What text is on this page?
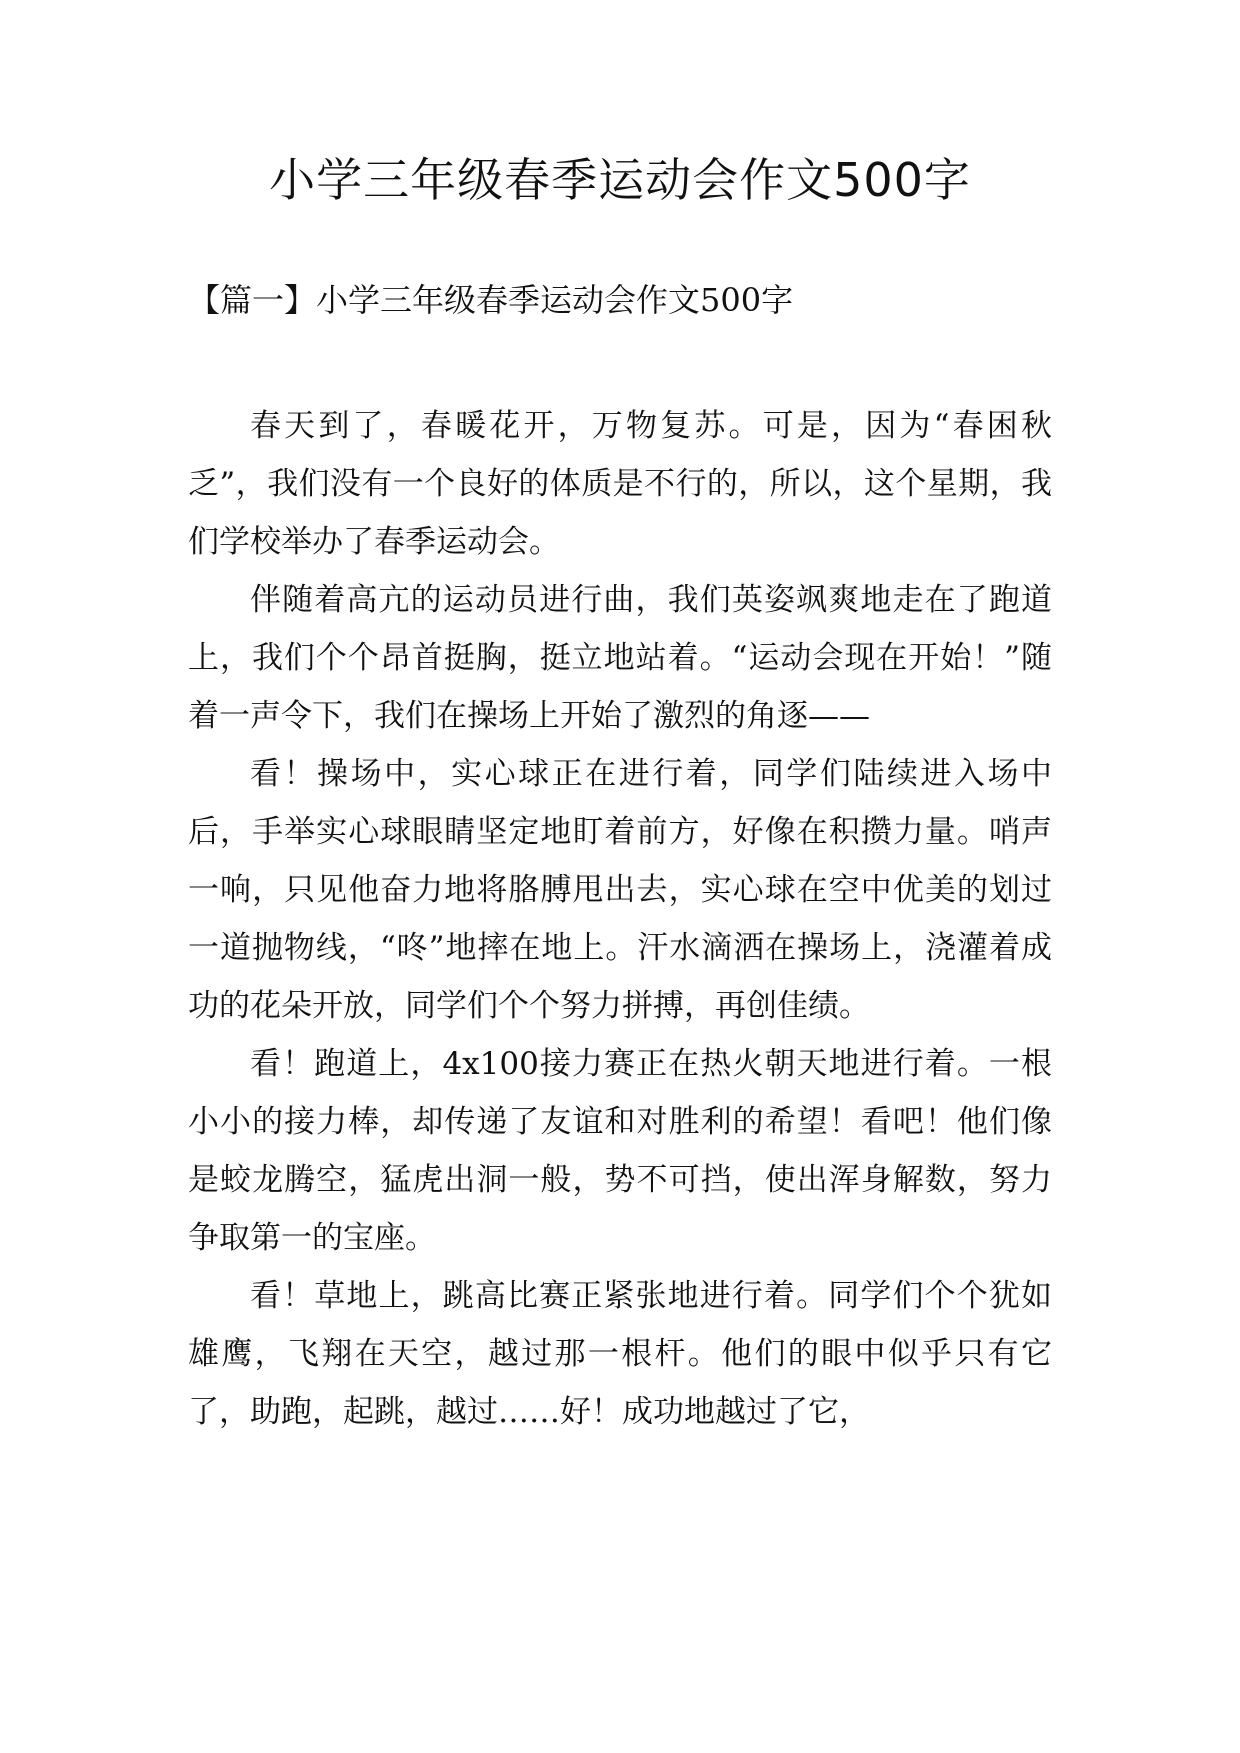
小学三年级春季运动会作文500字
【篇一】小学三年级春季运动会作文500字

春天到了，春暖花开，万物复苏。可是，因为“春困秋乏”，我们没有一个良好的体质是不行的，所以，这个星期，我们学校举办了春季运动会。

伴随着高亢的运动员进行曲，我们英姿飒爽地走在了跑道上，我们个个昂首挺胸，挺立地站着。“运动会现在开始！”随着一声令下，我们在操场上开始了激烈的角逐——

看！操场中，实心球正在进行着，同学们陆续进入场中后，手举实心球眼睛坚定地盯着前方，好像在积攒力量。哨声一响，只见他奋力地将胳膊甩出去，实心球在空中优美的划过一道抛物线，“咚”地摔在地上。汗水滴洒在操场上，浇灌着成功的花朵开放，同学们个个努力拼搏，再创佳绩。

看！跑道上，4x100接力赛正在热火朝天地进行着。一根小小的接力棒，却传递了友谊和对胜利的希望！看吧！他们像是蛟龙腾空，猛虎出洞一般，势不可挡，使出浑身解数，努力争取第一的宝座。

看！草地上，跳高比赛正紧张地进行着。同学们个个犹如雄鹰，飞翔在天空，越过那一根杆。他们的眼中似乎只有它了，助跑，起跳，越过……好！成功地越过了它，
